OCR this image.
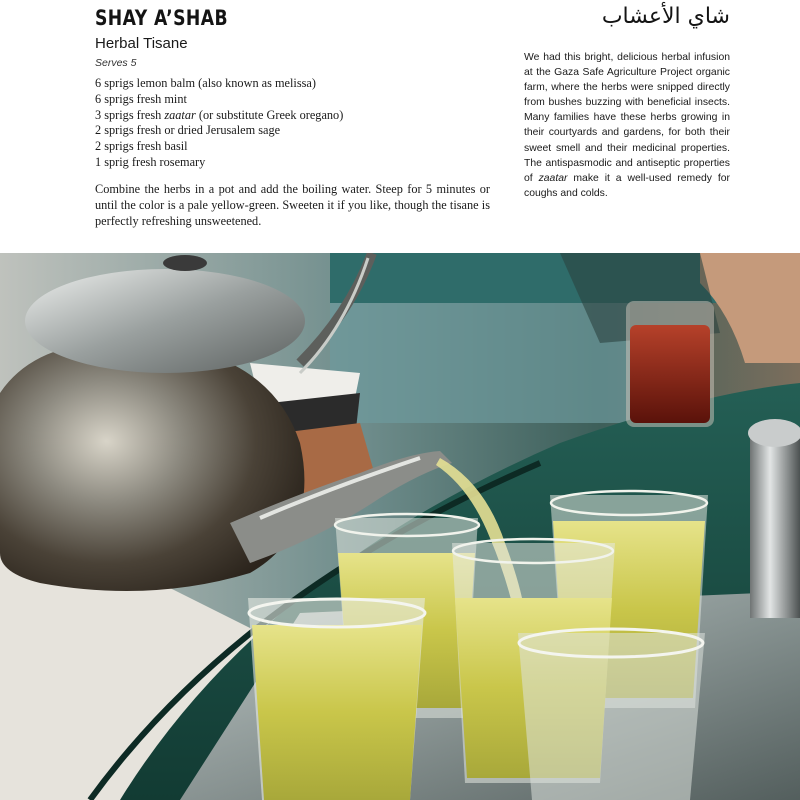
SHAY A’SHAB	شاي الأعشاب
Herbal Tisane
Serves 5
6 sprigs lemon balm (also known as melissa)
6 sprigs fresh mint
3 sprigs fresh zaatar (or substitute Greek oregano)
2 sprigs fresh or dried Jerusalem sage
2 sprigs fresh basil
1 sprig fresh rosemary

Combine the herbs in a pot and add the boiling water. Steep for 5 minutes or until the color is a pale yellow-green. Sweeten it if you like, though the tisane is perfectly refreshing unsweetened.

We had this bright, delicious herbal infusion at the Gaza Safe Agriculture Project organic farm, where the herbs were snipped directly from bushes buzzing with beneficial insects. Many families have these herbs growing in their courtyards and gardens, for both their sweet smell and their medicinal properties. The antispasmodic and antiseptic properties of zaatar make it a well-used remedy for coughs and colds.
